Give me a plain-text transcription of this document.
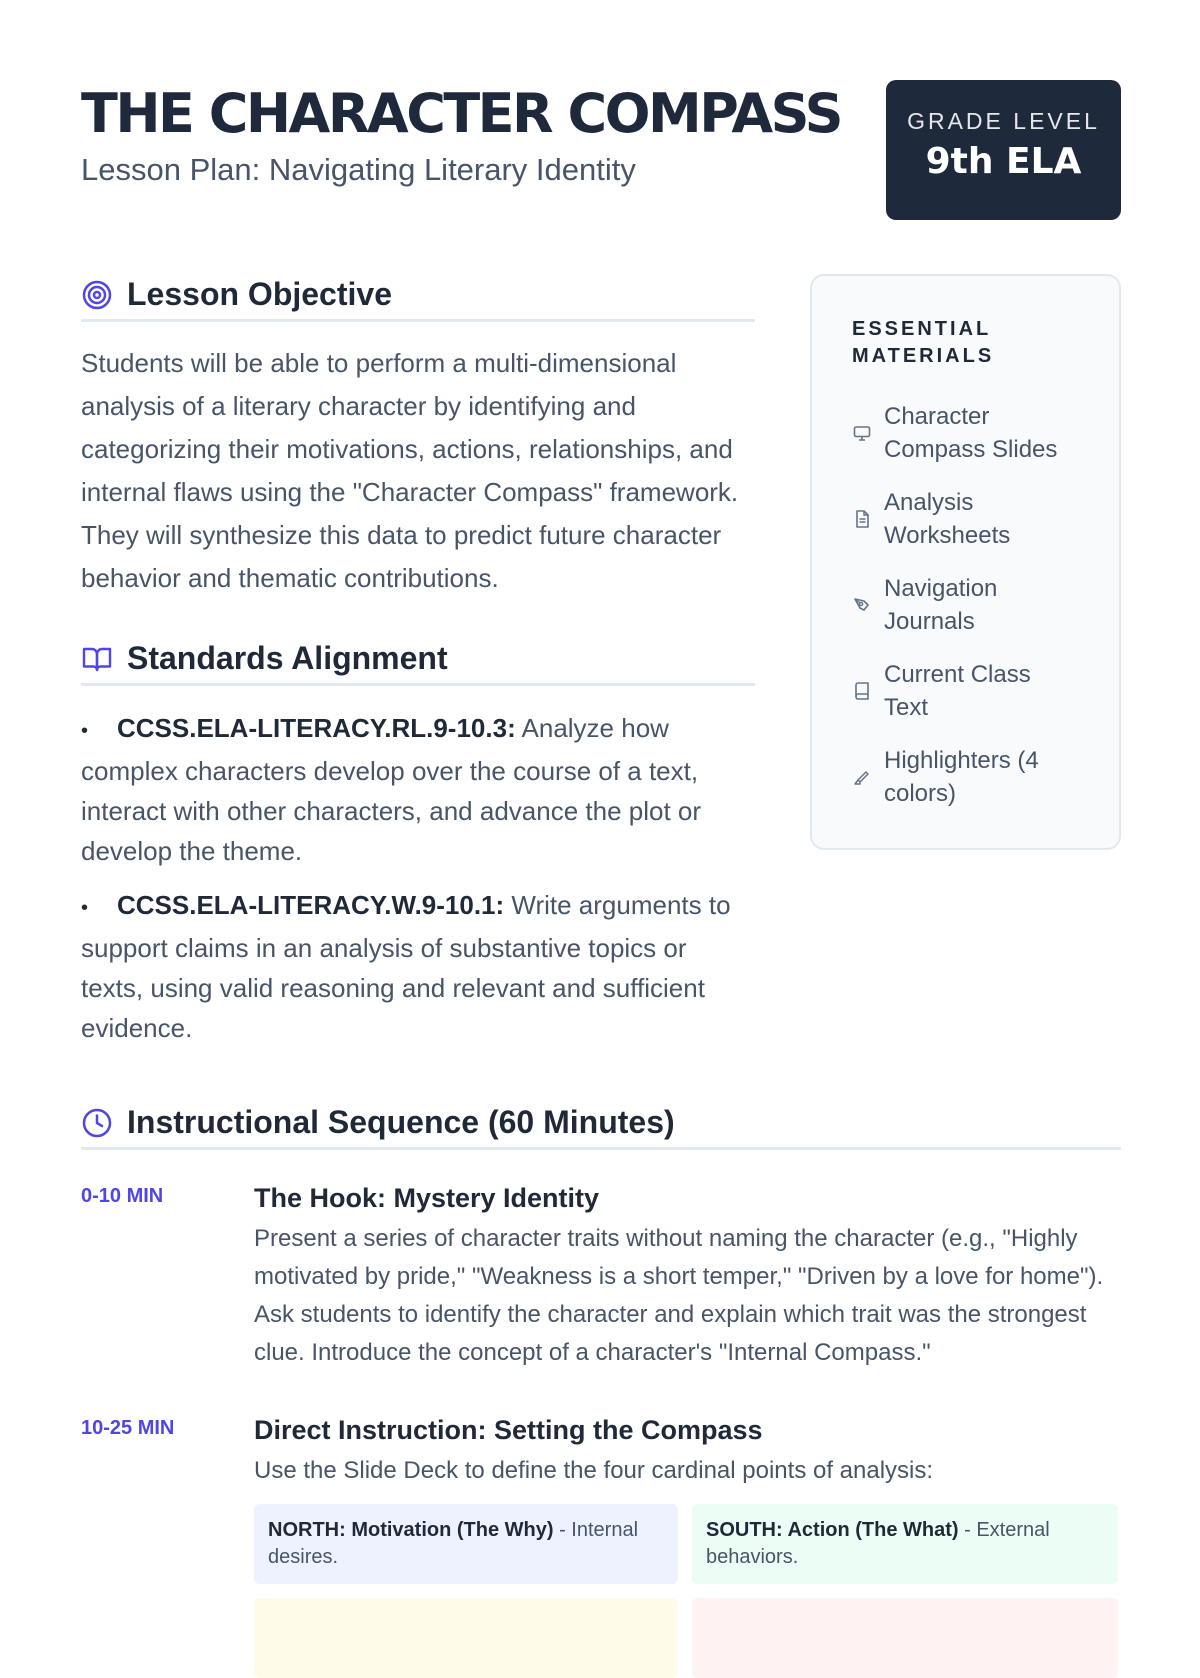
THE CHARACTER COMPASS

Lesson Plan: Navigating Literary Identity

GRADE LEVEL
9th ELA
Lesson Objective

Students will be able to perform a multi-dimensional analysis of a literary character by identifying and categorizing their motivations, actions, relationships, and internal flaws using the "Character Compass" framework. They will synthesize this data to predict future character behavior and thematic contributions.

Standards Alignment
• CCSS.ELA-LITERACY.RL.9-10.3: Analyze how complex characters develop over the course of a text, interact with other characters, and advance the plot or develop the theme.
• CCSS.ELA-LITERACY.W.9-10.1: Write arguments to support claims in an analysis of substantive topics or texts, using valid reasoning and relevant and sufficient evidence.

ESSENTIAL MATERIALS

Character Compass Slides
Analysis Worksheets
Navigation Journals
Current Class Text
Highlighters (4 colors)
Instructional Sequence (60 Minutes)
0-10 MIN	The Hook: Mystery Identity

Present a series of character traits without naming the character (e.g., "Highly motivated by pride," "Weakness is a short temper," "Driven by a love for home"). Ask students to identify the character and explain which trait was the strongest clue. Introduce the concept of a character's "Internal Compass."

10-25 MIN	Direct Instruction: Setting the Compass

Use the Slide Deck to define the four cardinal points of analysis:

NORTH: Motivation (The Why) - Internal desires.
SOUTH: Action (The What) - External behaviors.
